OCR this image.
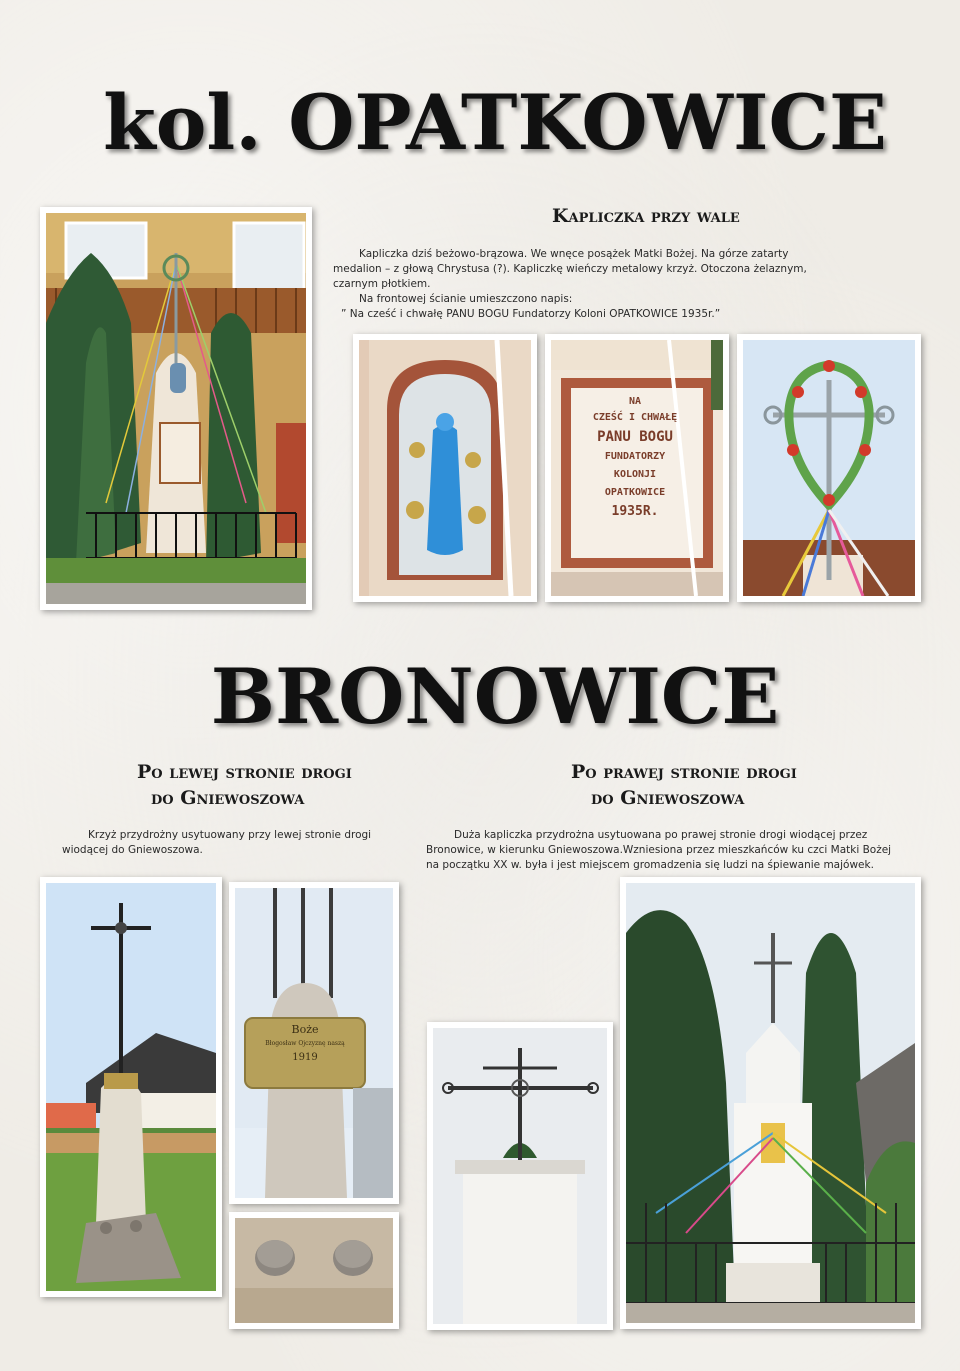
kol. OPATKOWICE
Kapliczka przy wale
Kapliczka dziś beżowo-brązowa. We wnęce posążek Matki Bożej. Na górze zatarty medalion – z głową Chrystusa (?). Kapliczkę wieńczy metalowy krzyż. Otoczona żelaznym, czarnym płotkiem.
Na frontowej ścianie umieszczono napis:
” Na cześć i chwałę PANU BOGU Fundatorzy Koloni OPATKOWICE 1935r.”
NA
CZEŚĆ I CHWAŁĘ
PANU BOGU
FUNDATORZY
KOLONJI
OPATKOWICE
1935R.
BRONOWICE
Po lewej stronie drogi
do Gniewoszowa
Krzyż przydrożny usytuowany przy lewej stronie drogi wiodącej do Gniewoszowa.
Po prawej stronie drogi
do Gniewoszowa
Duża kapliczka przydrożna usytuowana po prawej stronie drogi wiodącej przez Bronowice, w kierunku Gniewoszowa.Wzniesiona przez mieszkańców ku czci Matki Bożej na początku XX w. była i jest miejscem gromadzenia się ludzi na śpiewanie majówek.
Boże
Błogosław Ojczyznę naszą
1919
